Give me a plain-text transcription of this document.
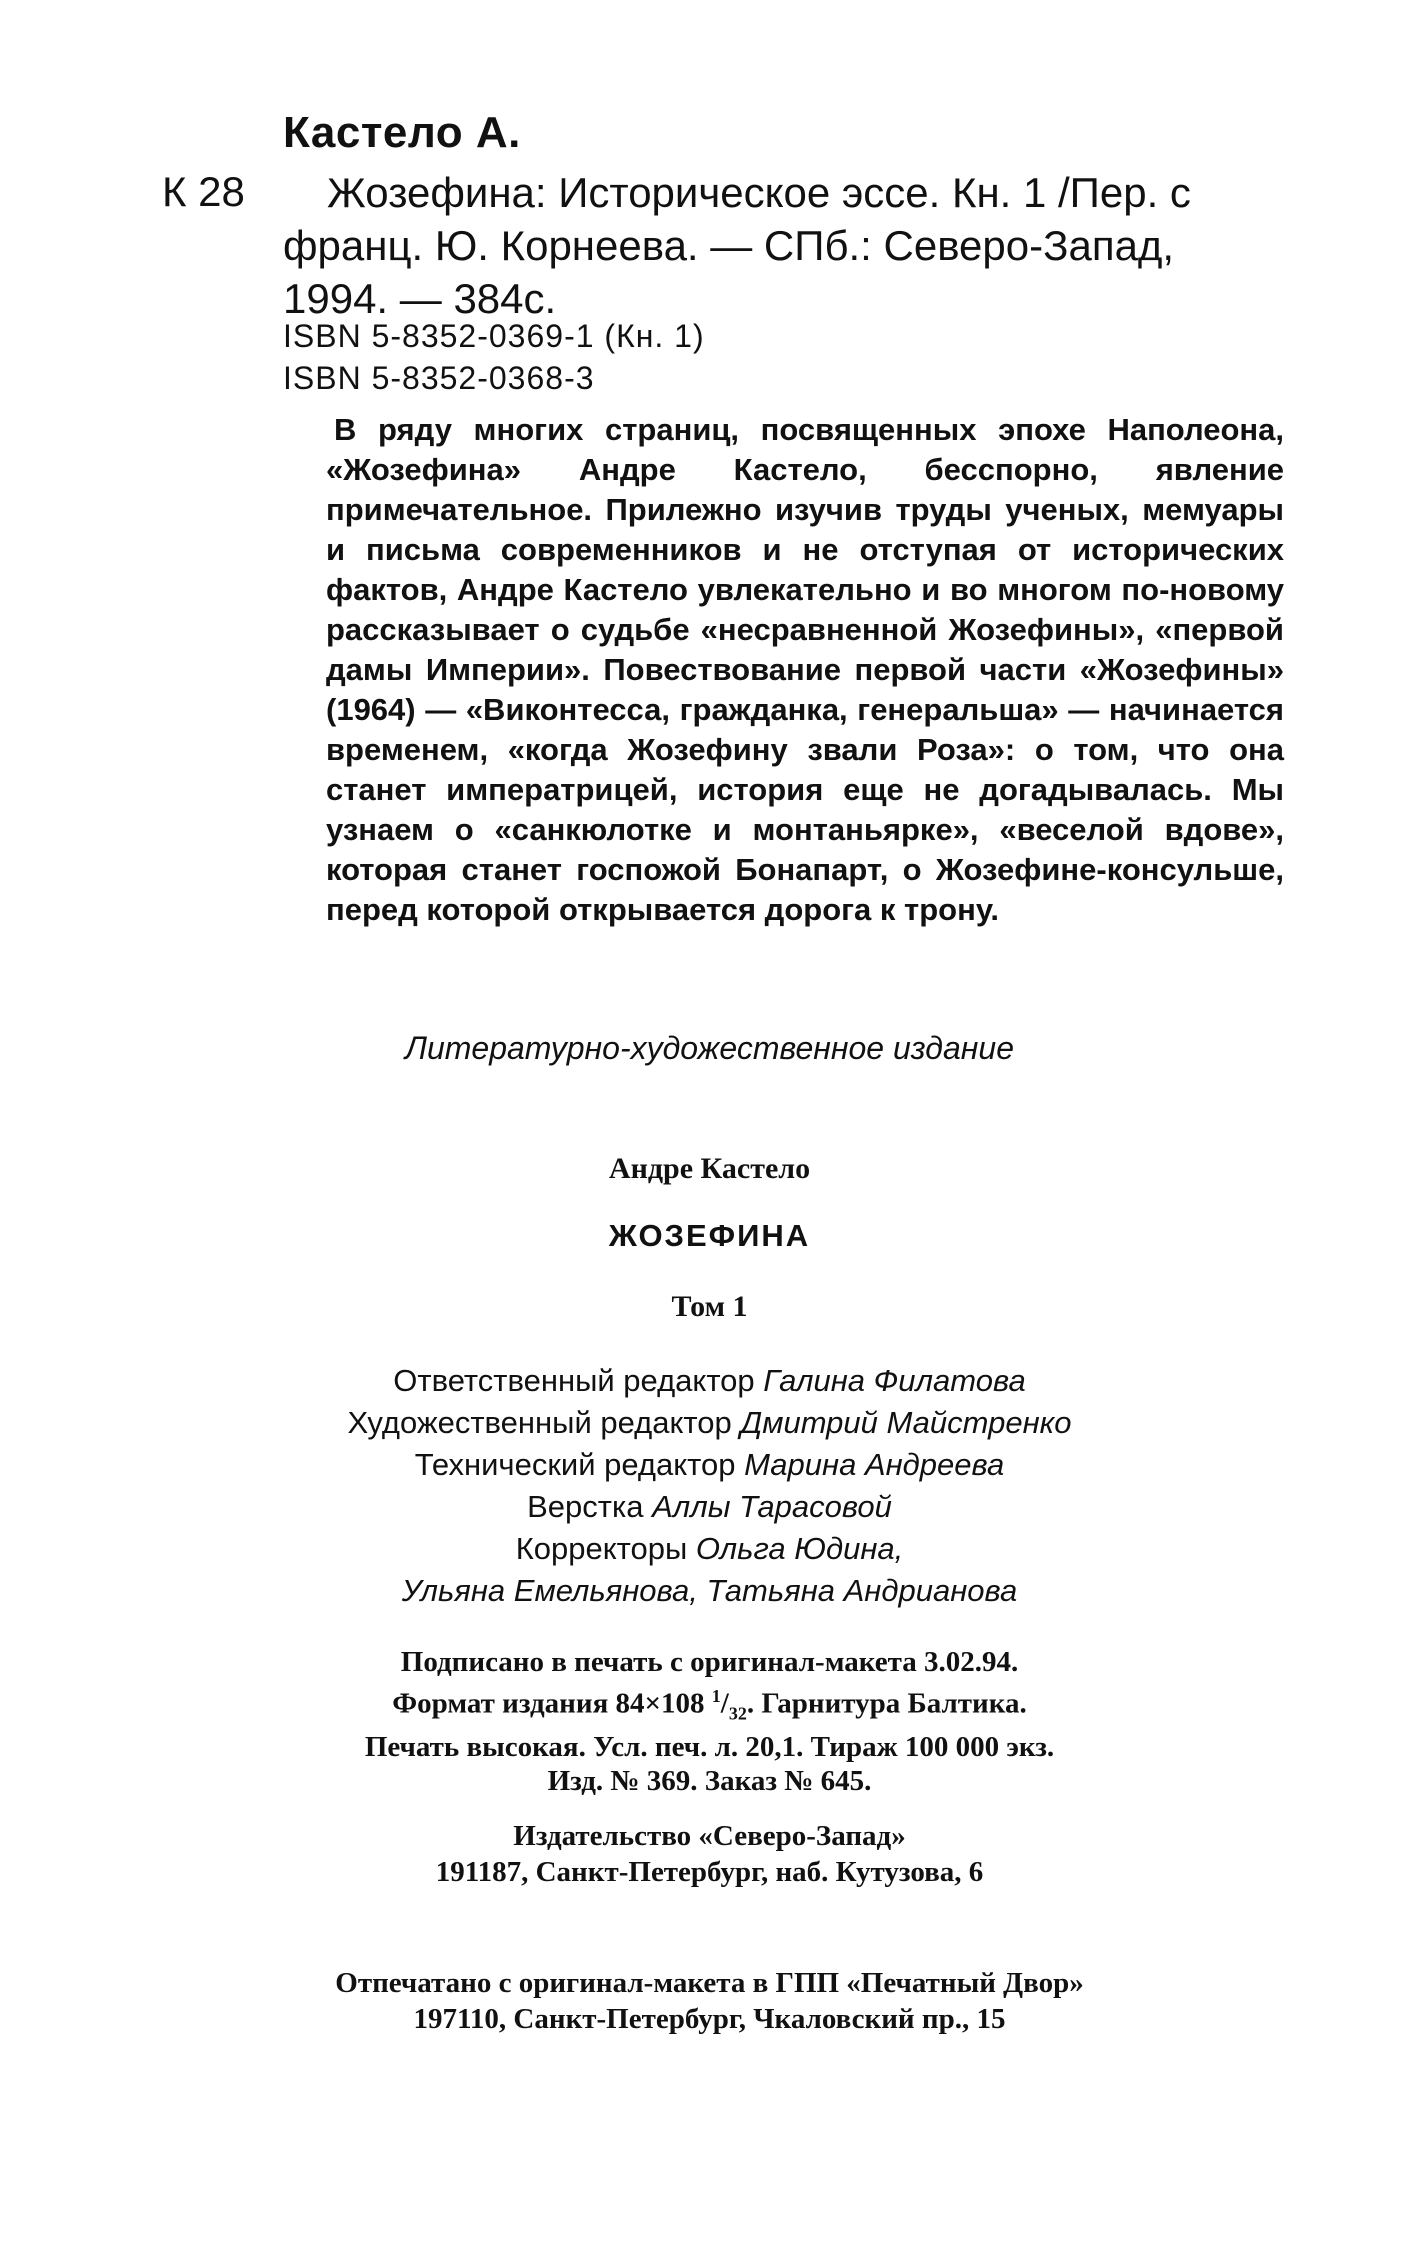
Кастело А.
К 28	Жозефина: Историческое эссе. Кн. 1 /Пер. с
франц. Ю. Корнеева. — СПб.: Северо-Запад,
1994. — 384с.
ISBN 5-8352-0369-1 (Кн. 1)
ISBN 5-8352-0368-3
В ряду многих страниц, посвященных эпохе Наполеона, «Жозефина» Андре Кастело, бесспорно, явление примечательное. Прилежно изучив труды ученых, мемуары и письма современников и не отступая от исторических фактов, Андре Кастело увлекательно и во многом по-новому рассказывает о судьбе «несравненной Жозефины», «первой дамы Империи». Повествование первой части «Жозефины» (1964) — «Виконтесса, гражданка, генеральша» — начинается временем, «когда Жозефину звали Роза»: о том, что она станет императрицей, история еще не догадывалась. Мы узнаем о «санкюлотке и монтаньярке», «веселой вдове», которая станет госпожой Бонапарт, о Жозефине-консульше, перед которой открывается дорога к трону.
Литературно-художественное издание
Андре Кастело
ЖОЗЕФИНА
Том 1
Ответственный редактор Галина Филатова
Художественный редактор Дмитрий Майстренко
Технический редактор Марина Андреева
Верстка Аллы Тарасовой
Корректоры Ольга Юдина,
Ульяна Емельянова, Татьяна Андрианова
Подписано в печать с оригинал-макета 3.02.94.
Формат издания 84×108 $^1/_{32}$. Гарнитура Балтика.
Печать высокая. Усл. печ. л. 20,1. Тираж 100 000 экз.
Изд. № 369. Заказ № 645.
Издательство «Северо-Запад»
191187, Санкт-Петербург, наб. Кутузова, 6
Отпечатано с оригинал-макета в ГПП «Печатный Двор»
197110, Санкт-Петербург, Чкаловский пр., 15
